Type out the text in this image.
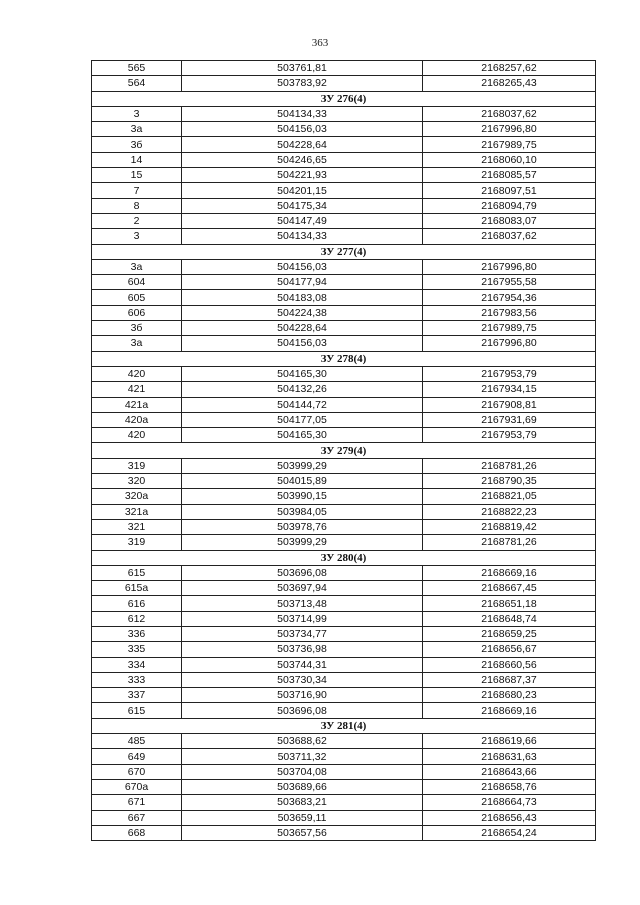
363
565	503761,81	2168257,62
564	503783,92	2168265,43
ЗУ 276(4)		
3	504134,33	2168037,62
3а	504156,03	2167996,80
3б	504228,64	2167989,75
14	504246,65	2168060,10
15	504221,93	2168085,57
7	504201,15	2168097,51
8	504175,34	2168094,79
2	504147,49	2168083,07
3	504134,33	2168037,62
ЗУ 277(4)		
3а	504156,03	2167996,80
604	504177,94	2167955,58
605	504183,08	2167954,36
606	504224,38	2167983,56
3б	504228,64	2167989,75
3а	504156,03	2167996,80
ЗУ 278(4)		
420	504165,30	2167953,79
421	504132,26	2167934,15
421а	504144,72	2167908,81
420а	504177,05	2167931,69
420	504165,30	2167953,79
ЗУ 279(4)		
319	503999,29	2168781,26
320	504015,89	2168790,35
320а	503990,15	2168821,05
321а	503984,05	2168822,23
321	503978,76	2168819,42
319	503999,29	2168781,26
ЗУ 280(4)		
615	503696,08	2168669,16
615а	503697,94	2168667,45
616	503713,48	2168651,18
612	503714,99	2168648,74
336	503734,77	2168659,25
335	503736,98	2168656,67
334	503744,31	2168660,56
333	503730,34	2168687,37
337	503716,90	2168680,23
615	503696,08	2168669,16
ЗУ 281(4)		
485	503688,62	2168619,66
649	503711,32	2168631,63
670	503704,08	2168643,66
670а	503689,66	2168658,76
671	503683,21	2168664,73
667	503659,11	2168656,43
668	503657,56	2168654,24
